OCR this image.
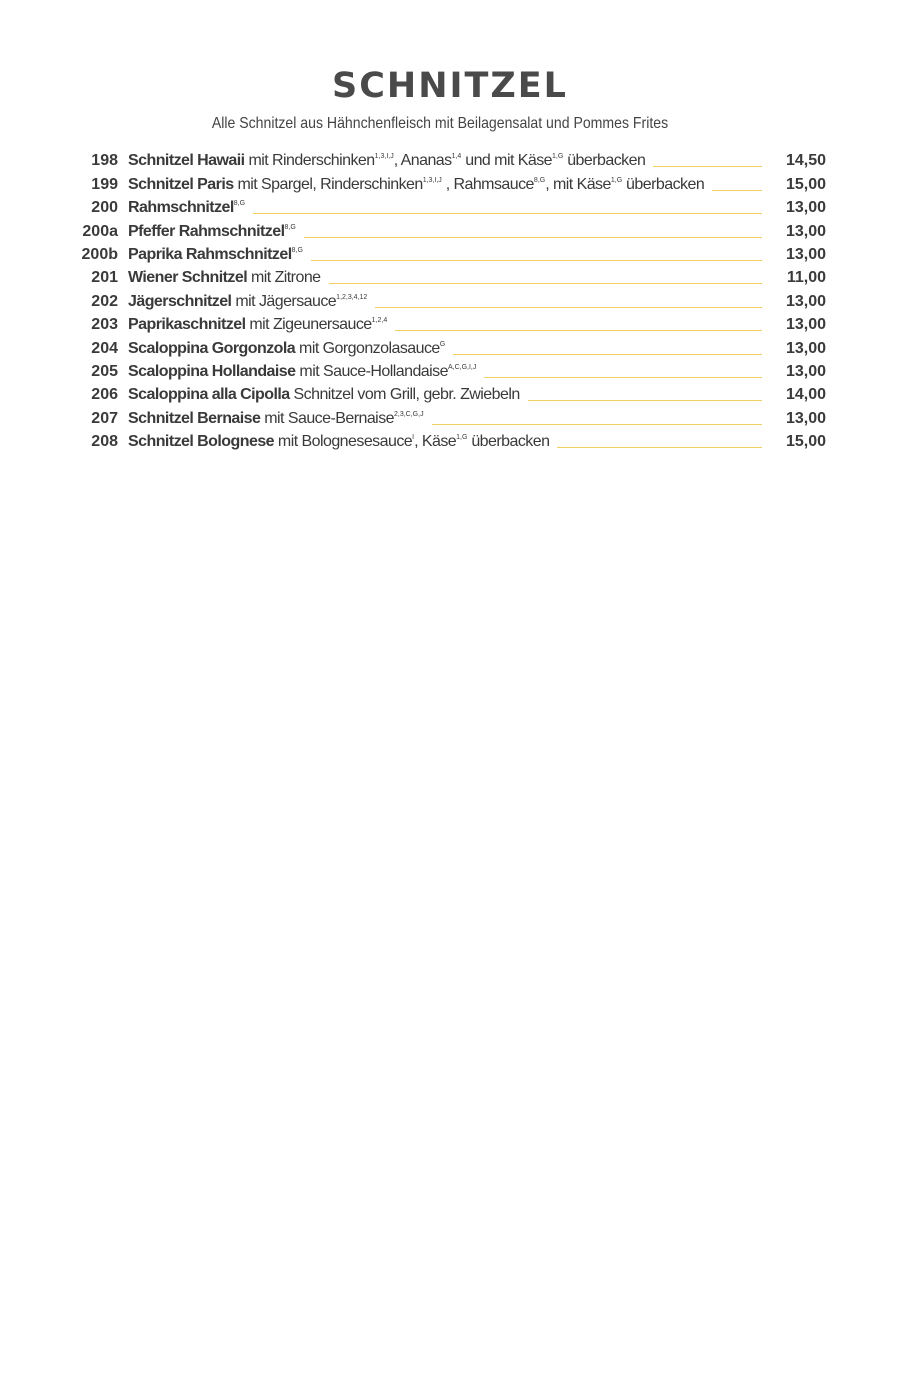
SCHNITZEL
Alle Schnitzel aus Hähnchenfleisch mit Beilagensalat und Pommes Frites
198 Schnitzel Hawaii mit Rinderschinken$^{1,3,I,J}$, Ananas$^{1,4}$ und mit Käse$^{1,G}$ überbacken	14,50
199 Schnitzel Paris mit Spargel, Rinderschinken$^{1,3,I,J}$ , Rahmsauce$^{8,G}$, mit Käse$^{1,G}$ überbacken	15,00
200 Rahmschnitzel$^{8,G}$	13,00
200a Pfeffer Rahmschnitzel$^{8,G}$	13,00
200b Paprika Rahmschnitzel$^{8,G}$	13,00
201 Wiener Schnitzel mit Zitrone	11,00
202 Jägerschnitzel mit Jägersauce$^{1,2,3,4,12}$	13,00
203 Paprikaschnitzel mit Zigeunersauce$^{1,2,4}$	13,00
204 Scaloppina Gorgonzola mit Gorgonzolasauce$^G$	13,00
205 Scaloppina Hollandaise mit Sauce-Hollandaise$^{A,C,G,I,J}$	13,00
206 Scaloppina alla Cipolla Schnitzel vom Grill, gebr. Zwiebeln	14,00
207 Schnitzel Bernaise mit Sauce-Bernaise$^{2,3,C,G,J}$	13,00
208 Schnitzel Bolognese mit Bolognesesauce$^I$, Käse$^{1,G}$ überbacken	15,00
